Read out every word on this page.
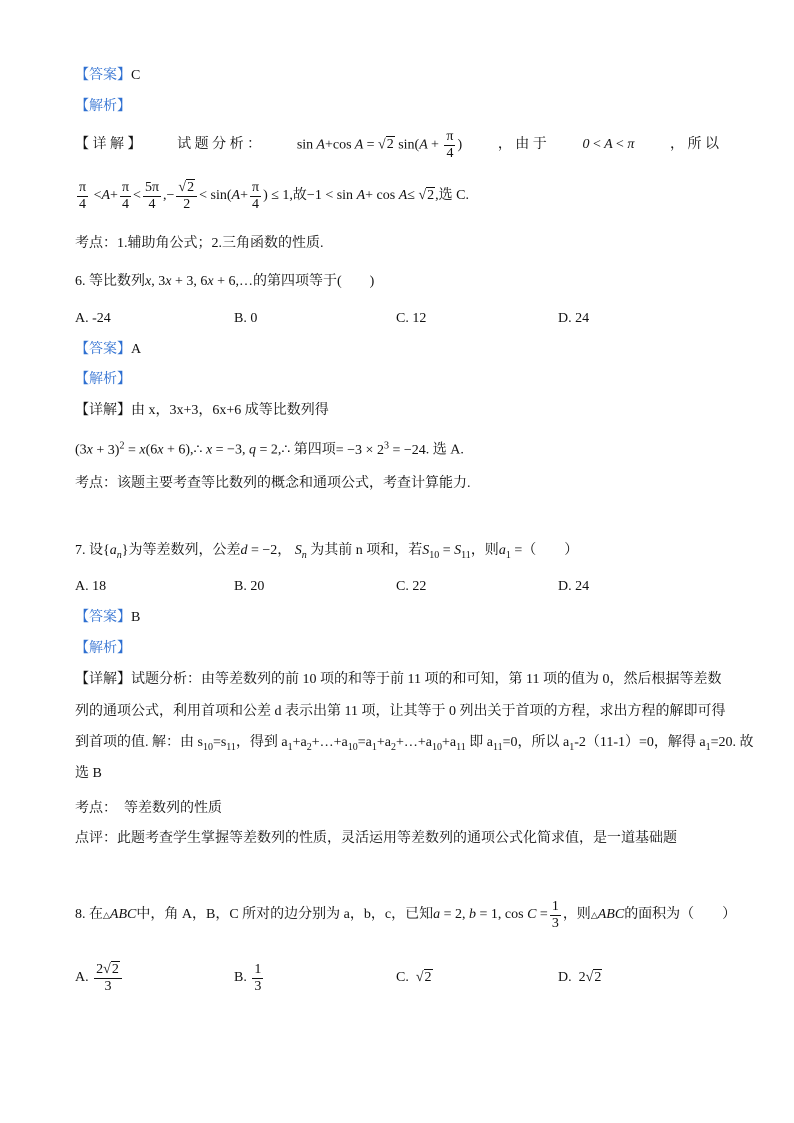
【答案】C
【解析】
【 详 解 】	试 题 分 析 ：	sin A+cos A = √2 $\sin(A + \frac{\pi}{4}$ )	， 由 于	0 < A < π	， 所 以
$\frac{\pi}{4}$
< $A + \frac{\pi}{4} < \frac{5\pi}{4}$ ,− $\frac{√2}{2} < \sin$( $A + \frac{\pi}{4}$ ) ≤ 1 ,故 −1 < sin A + cos A ≤
√2 ,选 C.
考点：1.辅助角公式；2.三角函数的性质.
6. 等比数列x, 3x + 3, 6x + 6,…的第四项等于(　　)
A. -24	B. 0	C. 12	D. 24
【答案】A
【解析】
【详解】由 x，3x+3，6x+6 成等比数列得
$(3x + 3)^2 = x(6x$ + 6),∴ x = −3, q = 2,∴ 第四项= $-3 \times 2^3 = -24$. 选 A.
考点：该题主要考查等比数列的概念和通项公式，考查计算能力.
7. 设$\{a_n\}$为等差数列，公差d = −2， $S_n$ 为其前 n 项和，若$S_{10} = S_{11}$，则$a_1$ =（　　）
A. 18	B. 20	C. 22	D. 24
【答案】B
【解析】
【详解】试题分析：由等差数列的前 10 项的和等于前 11 项的和可知，第 11 项的值为 0，然后根据等差数
列的通项公式，利用首项和公差 d 表示出第 11 项，让其等于 0 列出关于首项的方程，求出方程的解即可得
到首项的值. 解：由 $s_{10}=s_{11}$，得到 $a_1+a_2+\dots+a_{10}=a_1+a_2+\dots+a_{10}+a_{11}$ 即 $a_{11}=0$，所以 $a_1-2(11-1)=0$，解得 $a_1=20$. 故
选 B
考点：　等差数列的性质
点评：此题考查学生掌握等差数列的性质，灵活运用等差数列的通项公式化简求值，是一道基础题
8. 在 △ABC 中，角 A，B，C 所对的边分别为 a，b，c，已知 a = 2, b = 1, $\cos C = \frac{1}{3}$ ，则 △ABC 的面积为（　　）
A.
$\frac{2√2}{3}$	B.
$\frac{1}{3}$	C.
√2	D.
2√2
